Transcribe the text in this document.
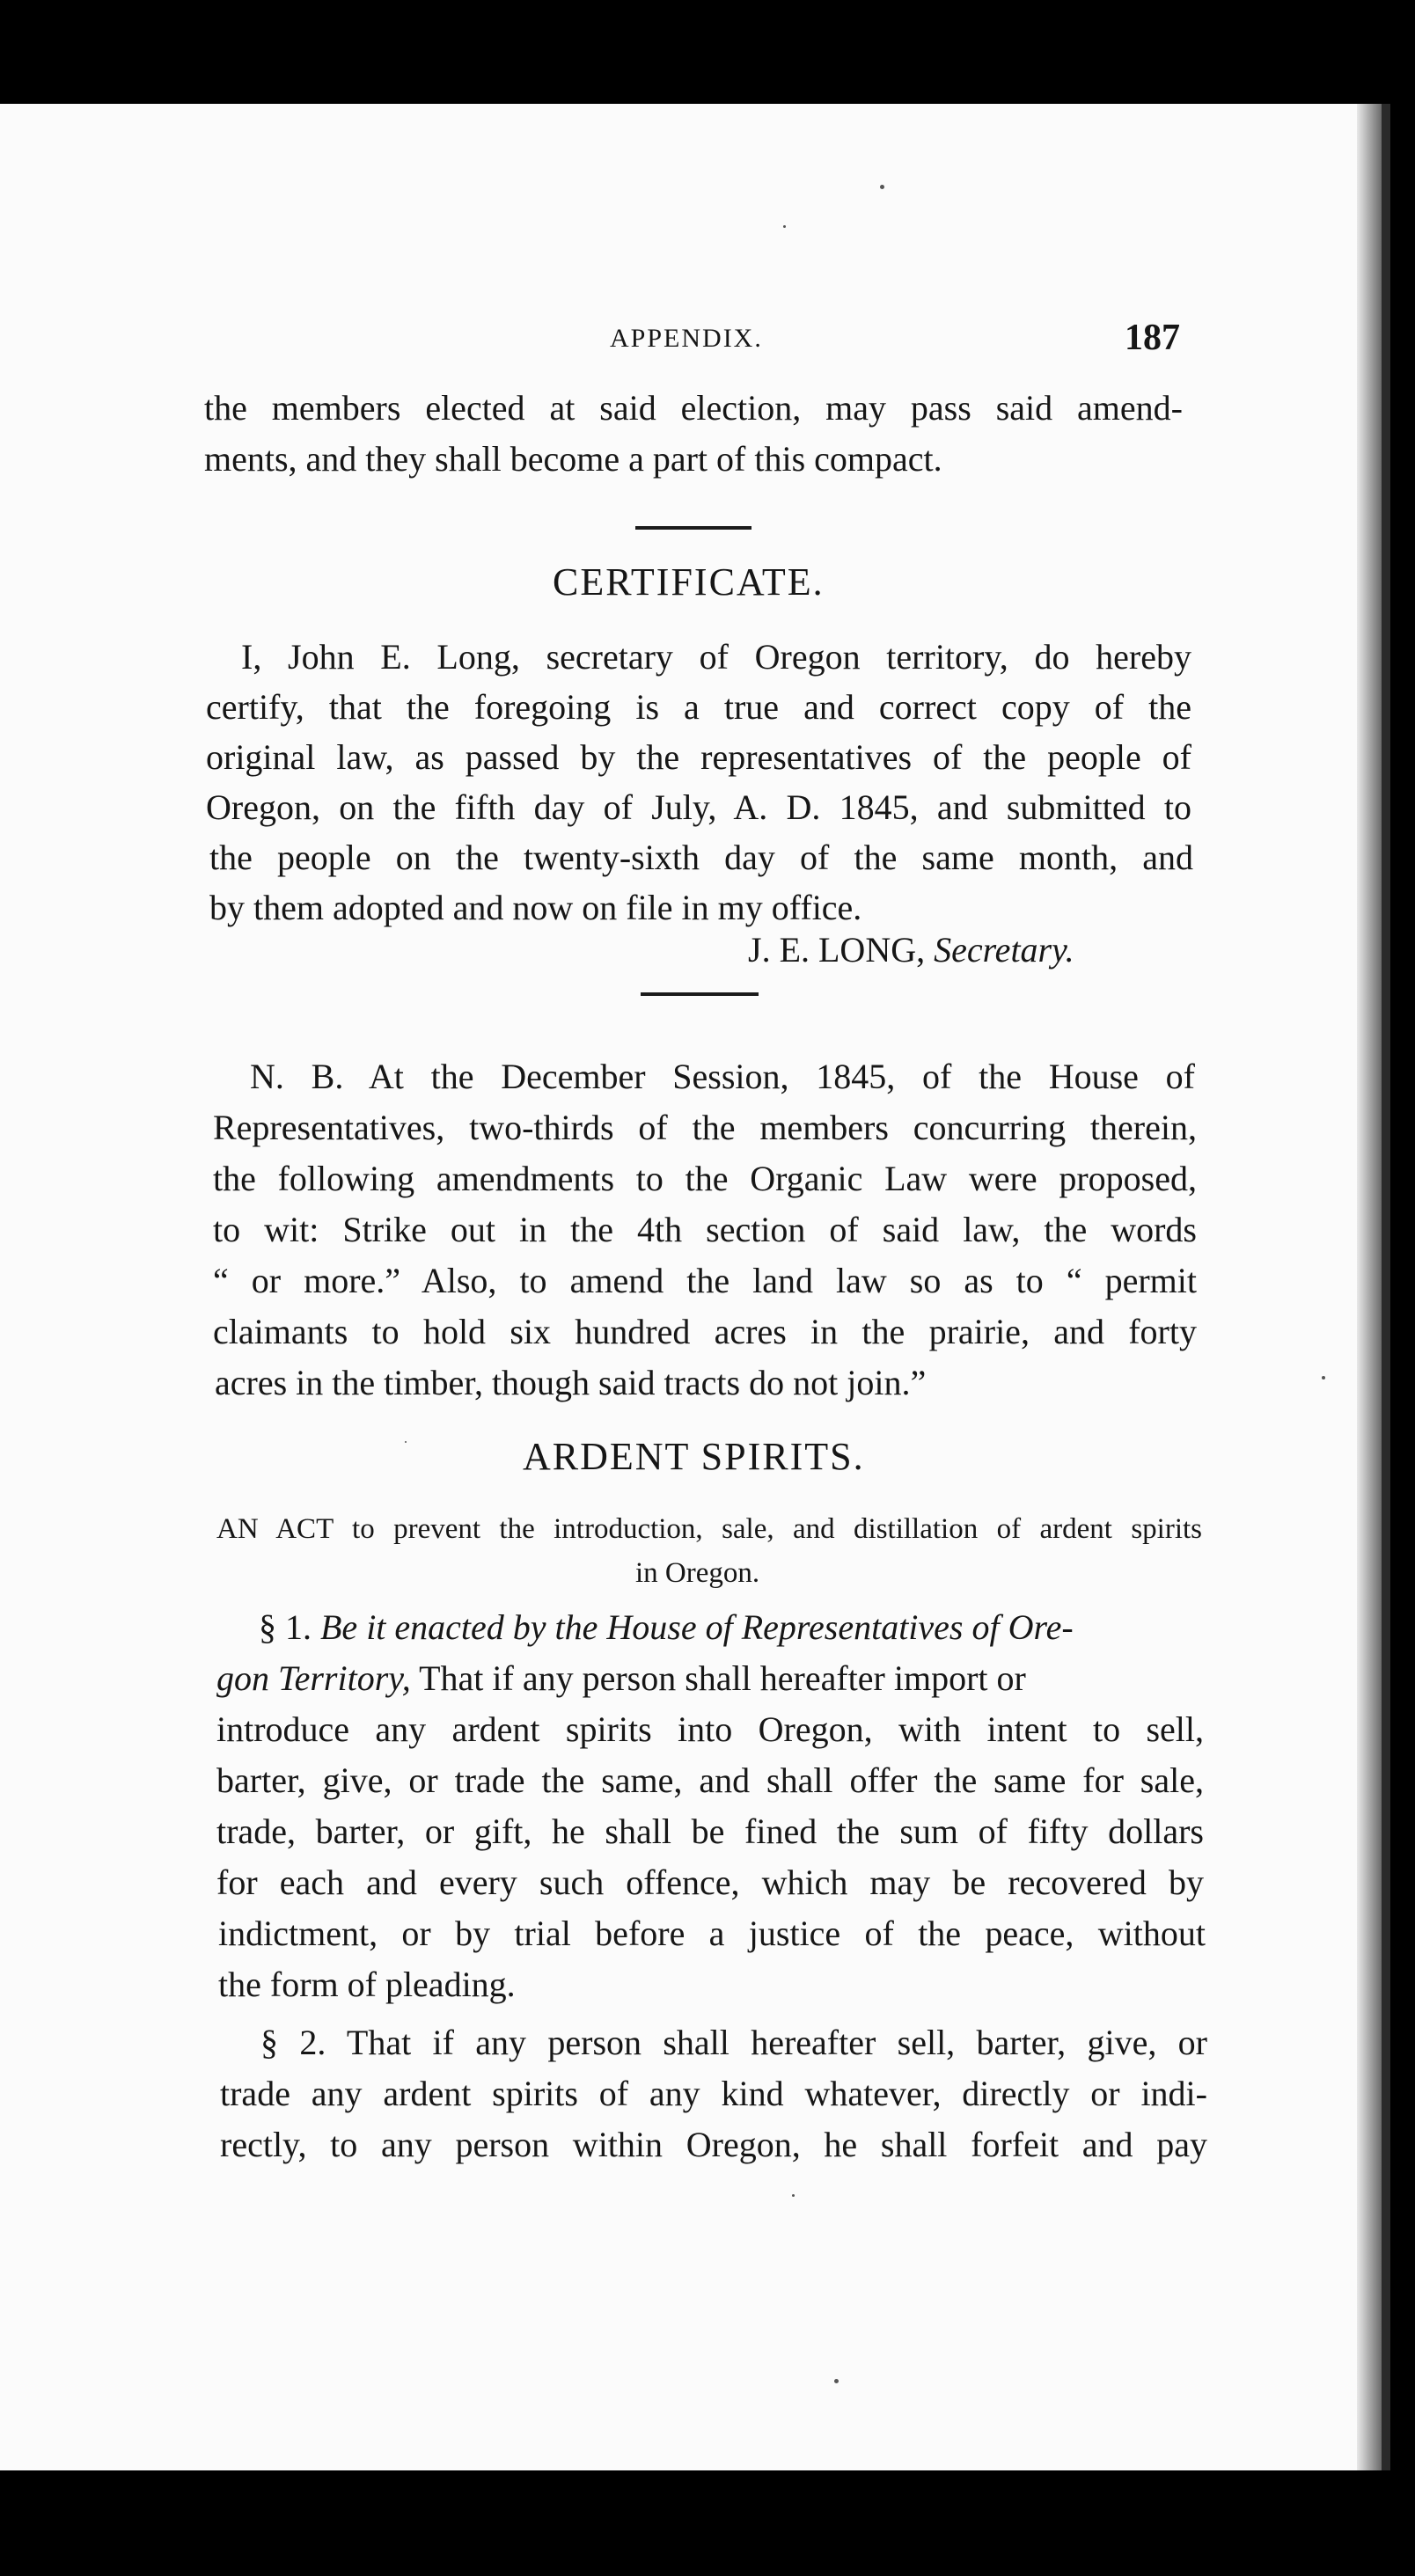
APPENDIX.	187
the members elected at said election, may pass said amend-
ments, and they shall become a part of this compact.
CERTIFICATE.
I, John E. Long, secretary of Oregon territory, do hereby
certify, that the foregoing is a true and correct copy of the
original law, as passed by the representatives of the people of
Oregon, on the fifth day of July, A. D. 1845, and submitted to
the people on the twenty-sixth day of the same month, and
by them adopted and now on file in my office.
J. E. LONG, Secretary.
N. B. At the December Session, 1845, of the House of
Representatives, two-thirds of the members concurring therein,
the following amendments to the Organic Law were proposed,
to wit: Strike out in the 4th section of said law, the words
“ or more.” Also, to amend the land law so as to “ permit
claimants to hold six hundred acres in the prairie, and forty
acres in the timber, though said tracts do not join.”
ARDENT SPIRITS.
AN ACT to prevent the introduction, sale, and distillation of ardent spirits
in Oregon.
§ 1. Be it enacted by the House of Representatives of Ore-
gon Territory, That if any person shall hereafter import or
introduce any ardent spirits into Oregon, with intent to sell,
barter, give, or trade the same, and shall offer the same for sale,
trade, barter, or gift, he shall be fined the sum of fifty dollars
for each and every such offence, which may be recovered by
indictment, or by trial before a justice of the peace, without
the form of pleading.
§ 2. That if any person shall hereafter sell, barter, give, or
trade any ardent spirits of any kind whatever, directly or indi-
rectly, to any person within Oregon, he shall forfeit and pay
